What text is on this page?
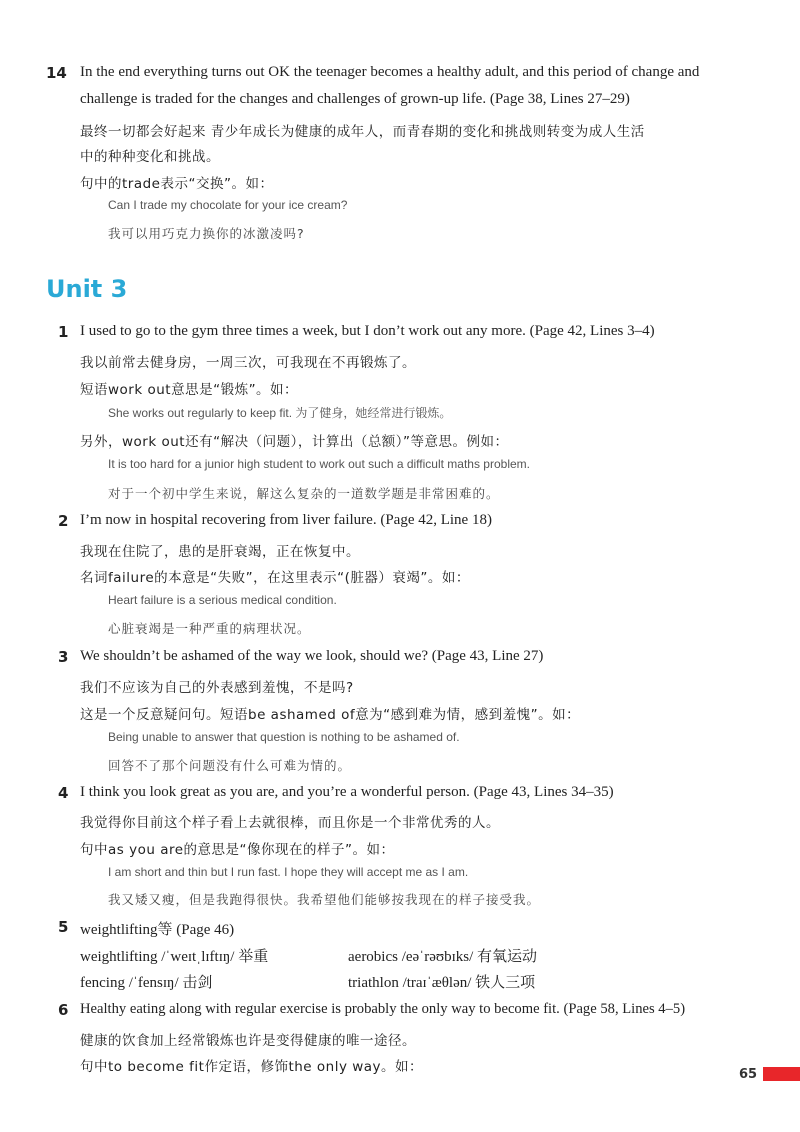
14 In the end everything turns out OK the teenager becomes a healthy adult, and this period of change and
challenge is traded for the changes and challenges of grown-up life. (Page 38, Lines 27–29)
最终一切都会好起来 青少年成长为健康的成年人，而青春期的变化和挑战则转变为成人生活
中的种种变化和挑战。
句中的trade表示“交换”。如：
Can I trade my chocolate for your ice cream?
我可以用巧克力换你的冰激凌吗?
Unit 3
1 I used to go to the gym three times a week, but I don’t work out any more. (Page 42, Lines 3–4)
我以前常去健身房，一周三次，可我现在不再锻炼了。
短语work out意思是“锻炼”。如：
She works out regularly to keep fit. 为了健身，她经常进行锻炼。
另外，work out还有“解决（问题），计算出（总额）”等意思。例如：
It is too hard for a junior high student to work out such a difficult maths problem.
对于一个初中学生来说，解这么复杂的一道数学题是非常困难的。
2 I’m now in hospital recovering from liver failure. (Page 42, Line 18)
我现在住院了，患的是肝衰竭，正在恢复中。
名词failure的本意是“失败”，在这里表示“(脏器）衰竭”。如：
Heart failure is a serious medical condition.
心脏衰竭是一种严重的病理状况。
3 We shouldn’t be ashamed of the way we look, should we? (Page 43, Line 27)
我们不应该为自己的外表感到羞愧，不是吗?
这是一个反意疑问句。短语be ashamed of意为“感到难为情，感到羞愧”。如：
Being unable to answer that question is nothing to be ashamed of.
回答不了那个问题没有什么可难为情的。
4 I think you look great as you are, and you’re a wonderful person. (Page 43, Lines 34–35)
我觉得你目前这个样子看上去就很棒，而且你是一个非常优秀的人。
句中as you are的意思是“像你现在的样子”。如：
I am short and thin but I run fast. I hope they will accept me as I am.
我又矮又瘦，但是我跑得很快。我希望他们能够按我现在的样子接受我。
5 weightlifting等 (Page 46)
weightlifting /ˈweɪtˌlɪftɪŋ/ 举重	aerobics /eəˈrəʊbɪks/ 有氧运动
fencing /ˈfensɪŋ/ 击剑	triathlon /traɪˈæθlən/ 铁人三项
6 Healthy eating along with regular exercise is probably the only way to become fit. (Page 58, Lines 4–5)
健康的饮食加上经常锻炼也许是变得健康的唯一途径。
句中to become fit作定语，修饰the only way。如：	65
